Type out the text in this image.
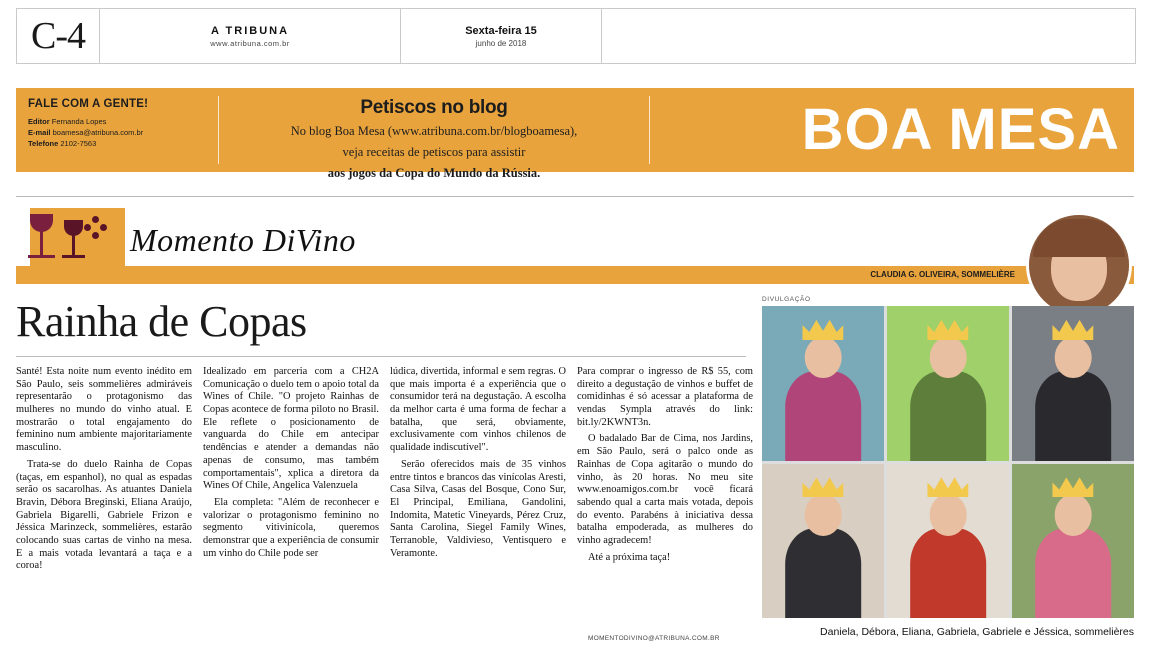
C-4	A TRIBUNA
www.atribuna.com.br
Sexta-feira 15
junho de 2018
FALE COM A GENTE!
Editor Fernanda Lopes
E-mail boamesa@atribuna.com.br
Telefone 2102-7563
Petiscos no blog
No blog Boa Mesa (www.atribuna.com.br/blogboamesa),
veja receitas de petiscos para assistir
aos jogos da Copa do Mundo da Rússia.
BOA MESA
Momento DiVino
CLAUDIA G. OLIVEIRA, SOMMELIÈRE
Rainha de Copas

Santé! Esta noite num evento inédito em São Paulo, seis sommelières admiráveis representarão o protagonismo das mulheres no mundo do vinho atual. E mostrarão o total engajamento do feminino num ambiente majoritariamente masculino.

Trata-se do duelo Rainha de Copas (taças, em espanhol), no qual as espadas serão os sacarolhas. As atuantes Daniela Bravin, Débora Breginski, Eliana Araújo, Gabriela Bigarelli, Gabriele Frizon e Jéssica Marinzeck, sommelières, estarão colocando suas cartas de vinho na mesa. E a mais votada levantará a taça e a coroa!

Idealizado em parceria com a CH2A Comunicação o duelo tem o apoio total da Wines of Chile. "O projeto Rainhas de Copas acontece de forma piloto no Brasil. Ele reflete o posicionamento de vanguarda do Chile em antecipar tendências e atender a demandas não apenas de consumo, mas também comportamentais", xplica a diretora da Wines Of Chile, Angelica Valenzuela

Ela completa: "Além de reconhecer e valorizar o protagonismo feminino no segmento vitivinícola, queremos demonstrar que a experiência de consumir um vinho do Chile pode ser

lúdica, divertida, informal e sem regras. O que mais importa é a experiência que o consumidor terá na degustação. A escolha da melhor carta é uma forma de fechar a batalha, que será, obviamente, exclusivamente com vinhos chilenos de qualidade indiscutível".

Serão oferecidos mais de 35 vinhos entre tintos e brancos das vinícolas Aresti, Casa Silva, Casas del Bosque, Cono Sur, El Principal, Emiliana, Gandolini, Indomita, Matetic Vineyards, Pérez Cruz, Santa Carolina, Siegel Family Wines, Terranoble, Valdivieso, Ventisquero e Veramonte.

Para comprar o ingresso de R$ 55, com direito a degustação de vinhos e buffet de comidinhas é só acessar a plataforma de vendas Sympla através do link: bit.ly/2KWNT3n.

O badalado Bar de Cima, nos Jardins, em São Paulo, será o palco onde as Rainhas de Copa agitarão o mundo do vinho, às 20 horas. No meu site www.enoamigos.com.br você ficará sabendo qual a carta mais votada, depois do evento. Parabéns à iniciativa dessa batalha empoderada, as mulheres do vinho agradecem!

Até a próxima taça!

MOMENTODIVINO@ATRIBUNA.COM.BR
DIVULGAÇÃO
Daniela, Débora, Eliana, Gabriela, Gabriele e Jéssica, sommelières
